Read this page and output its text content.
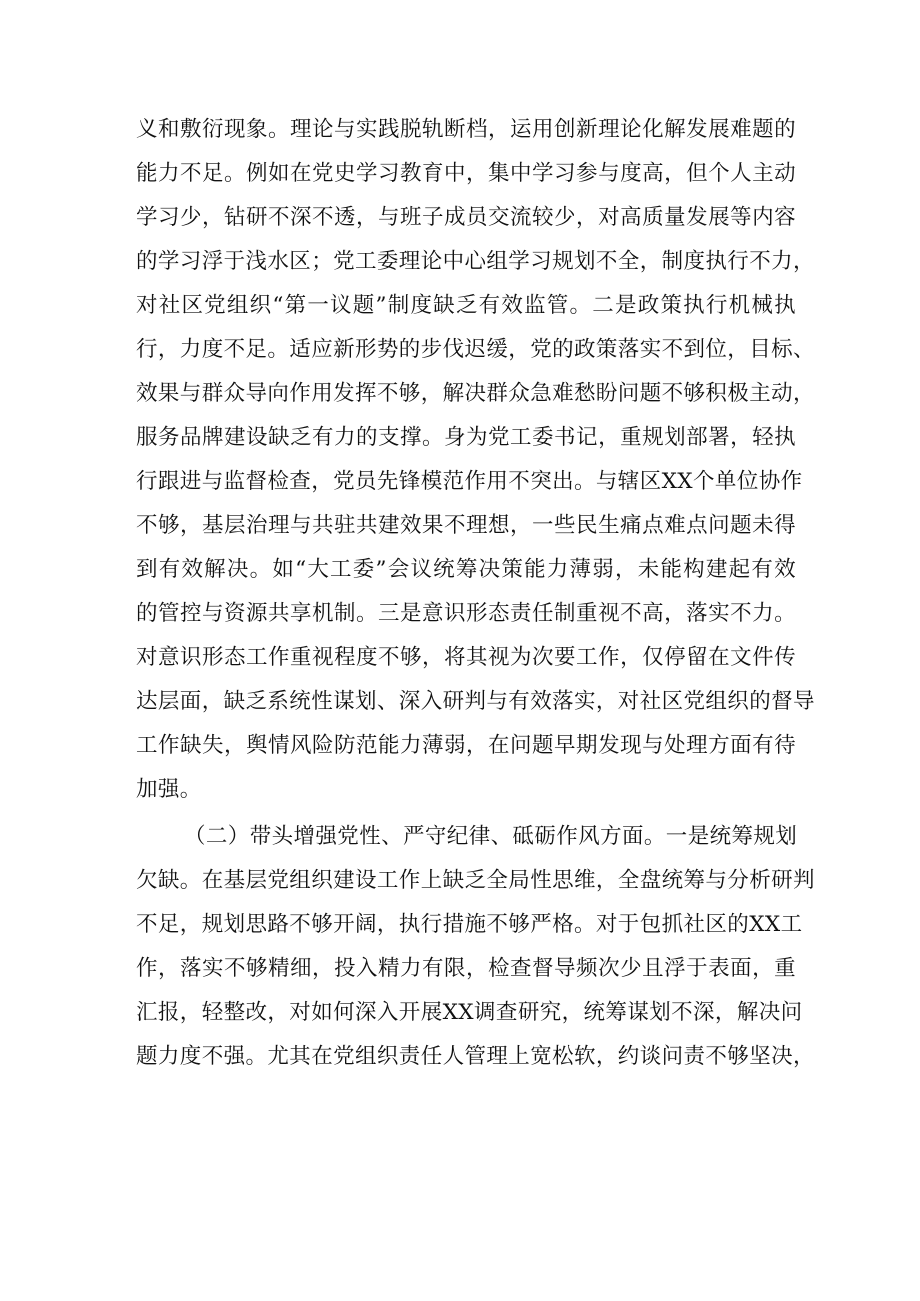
义和敷衍现象。理论与实践脱轨断档，运用创新理论化解发展难题的
能力不足。例如在党史学习教育中，集中学习参与度高，但个人主动
学习少，钻研不深不透，与班子成员交流较少，对高质量发展等内容
的学习浮于浅水区；党工委理论中心组学习规划不全，制度执行不力，
对社区党组织“第一议题”制度缺乏有效监管。二是政策执行机械执
行，力度不足。适应新形势的步伐迟缓，党的政策落实不到位，目标、
效果与群众导向作用发挥不够，解决群众急难愁盼问题不够积极主动，
服务品牌建设缺乏有力的支撑。身为党工委书记，重规划部署，轻执
行跟进与监督检查，党员先锋模范作用不突出。与辖区XX个单位协作
不够，基层治理与共驻共建效果不理想，一些民生痛点难点问题未得
到有效解决。如“大工委”会议统筹决策能力薄弱，未能构建起有效
的管控与资源共享机制。三是意识形态责任制重视不高，落实不力。
对意识形态工作重视程度不够，将其视为次要工作，仅停留在文件传
达层面，缺乏系统性谋划、深入研判与有效落实，对社区党组织的督导
工作缺失，舆情风险防范能力薄弱，在问题早期发现与处理方面有待
加强。
（二）带头增强党性、严守纪律、砥砺作风方面。一是统筹规划
欠缺。在基层党组织建设工作上缺乏全局性思维，全盘统筹与分析研判
不足，规划思路不够开阔，执行措施不够严格。对于包抓社区的XX工
作，落实不够精细，投入精力有限，检查督导频次少且浮于表面，重
汇报，轻整改，对如何深入开展XX调查研究，统筹谋划不深，解决问
题力度不强。尤其在党组织责任人管理上宽松软，约谈问责不够坚决，
